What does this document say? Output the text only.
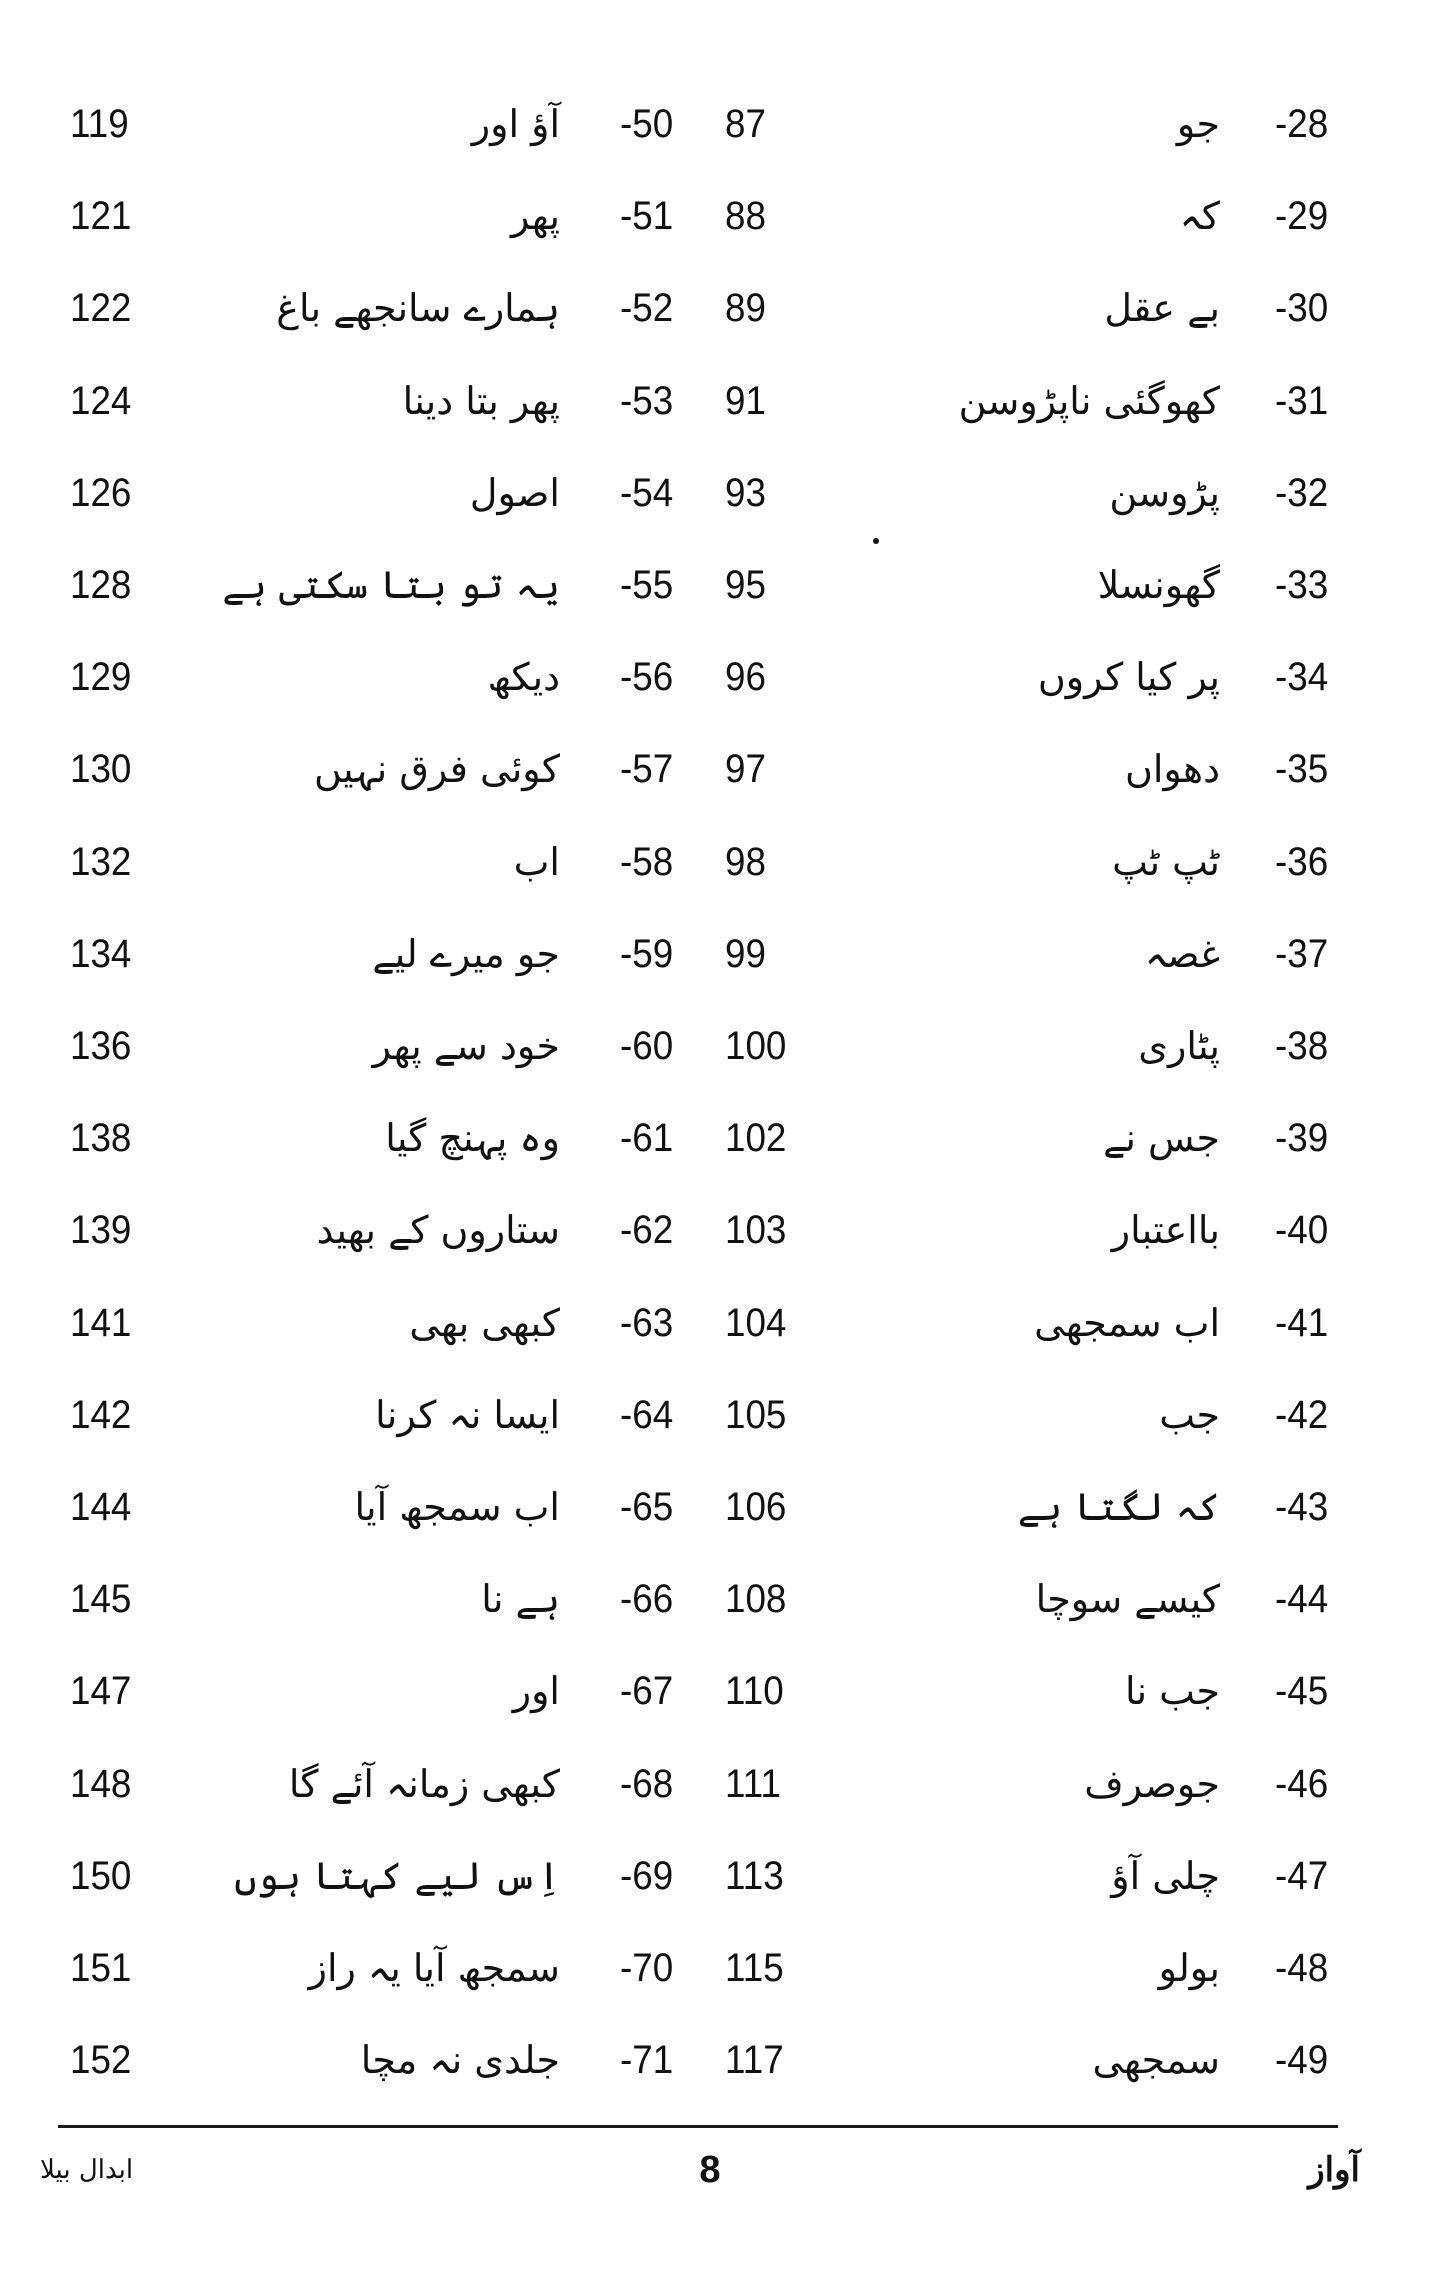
119	آؤ اور -50	87	جو -28
121	پھر -51	88	کہ -29
122	ہمارے سانجھے باغ -52	89	بے عقل -30
124	پھر بتا دینا -53	91	کھوگئی ناپڑوسن -31
126	اصول -54	93	پڑوسن -32
128	یہ تو بتا سکتی ہے -55	95	گھونسلا -33
129	دیکھ -56	96	پر کیا کروں -34
130	کوئی فرق نہیں -57	97	دھواں -35
132	اب -58	98	ٹپ ٹپ -36
134	جو میرے لیے -59	99	غصہ -37
136	خود سے پھر -60	100	پٹاری -38
138	وہ پہنچ گیا -61	102	جس نے -39
139	ستاروں کے بھید -62	103	بااعتبار -40
141	کبھی بھی -63	104	اب سمجھی -41
142	ایسا نہ کرنا -64	105	جب -42
144	اب سمجھ آیا -65	106	کہ لگتا ہے -43
145	ہے نا -66	108	کیسے سوچا -44
147	اور -67	110	جب نا -45
148	کبھی زمانہ آئے گا -68	111	جوصرف -46
150	اِس لیے کہتا ہوں -69	113	چلی آؤ -47
151	سمجھ آیا یہ راز -70	115	بولو -48
152	جلدی نہ مچا -71	117	سمجھی -49
ابدال بیلا	8	آواز
